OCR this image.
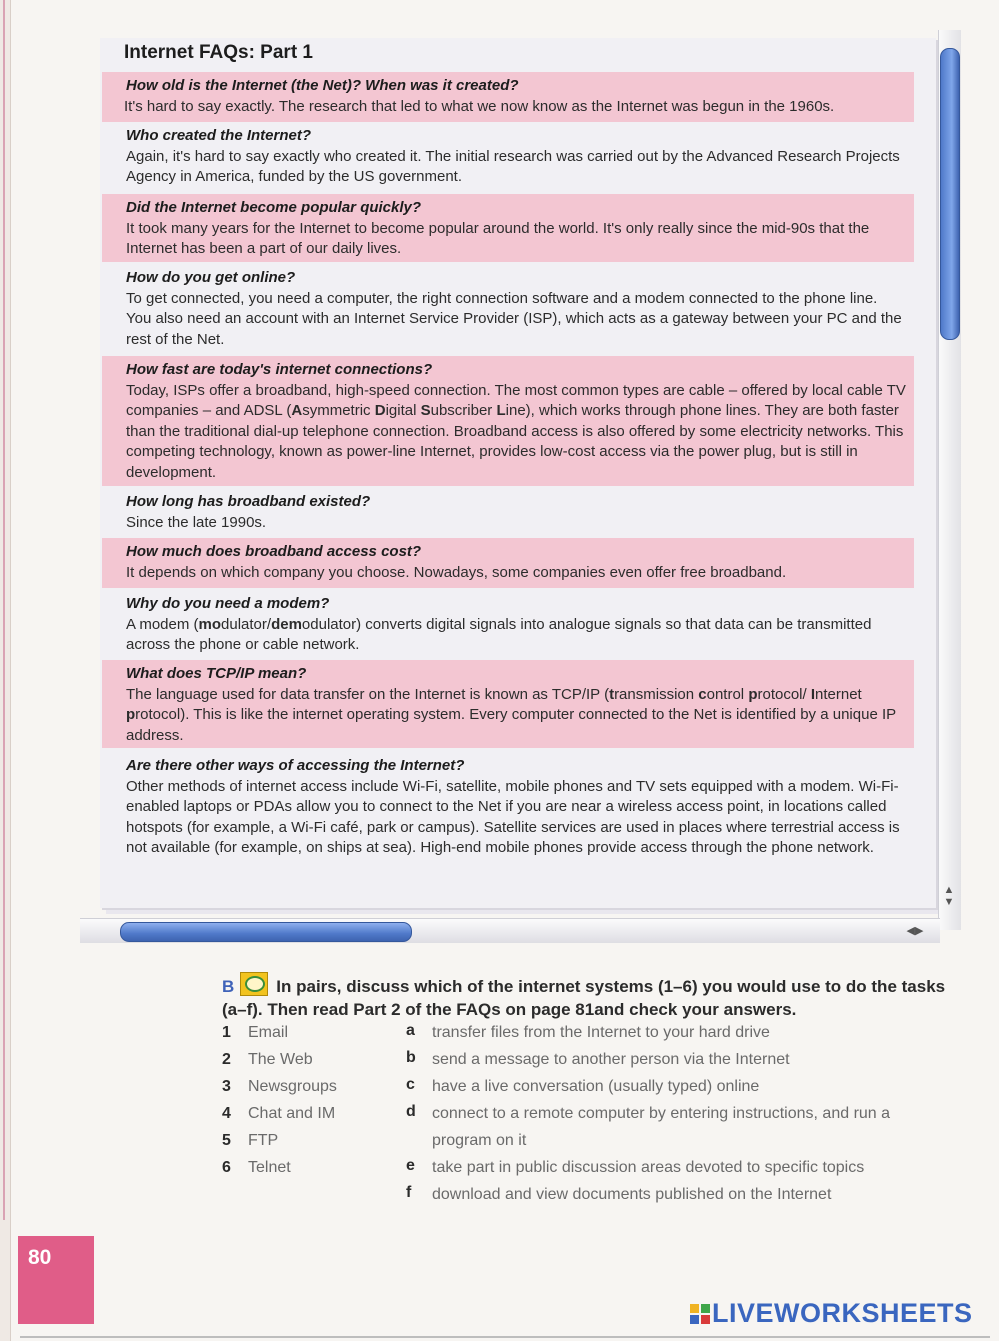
Internet FAQs: Part 1
How old is the Internet (the Net)? When was it created?
It's hard to say exactly. The research that led to what we now know as the Internet was begun in the 1960s.
Who created the Internet?
Again, it's hard to say exactly who created it. The initial research was carried out by the Advanced Research Projects Agency in America, funded by the US government.
Did the Internet become popular quickly?
It took many years for the Internet to become popular around the world. It's only really since the mid-90s that the Internet has been a part of our daily lives.
How do you get online?
To get connected, you need a computer, the right connection software and a modem connected to the phone line. You also need an account with an Internet Service Provider (ISP), which acts as a gateway between your PC and the rest of the Net.
How fast are today's internet connections?
Today, ISPs offer a broadband, high-speed connection. The most common types are cable – offered by local cable TV companies – and ADSL (Asymmetric Digital Subscriber Line), which works through phone lines. They are both faster than the traditional dial-up telephone connection. Broadband access is also offered by some electricity networks. This competing technology, known as power-line Internet, provides low-cost access via the power plug, but is still in development.
How long has broadband existed?
Since the late 1990s.
How much does broadband access cost?
It depends on which company you choose. Nowadays, some companies even offer free broadband.
Why do you need a modem?
A modem (modulator/demodulator) converts digital signals into analogue signals so that data can be transmitted across the phone or cable network.
What does TCP/IP mean?
The language used for data transfer on the Internet is known as TCP/IP (transmission control protocol/ Internet protocol). This is like the internet operating system. Every computer connected to the Net is identified by a unique IP address.
Are there other ways of accessing the Internet?
Other methods of internet access include Wi-Fi, satellite, mobile phones and TV sets equipped with a modem. Wi-Fi-enabled laptops or PDAs allow you to connect to the Net if you are near a wireless access point, in locations called hotspots (for example, a Wi-Fi café, park or campus). Satellite services are used in places where terrestrial access is not available (for example, on ships at sea). High-end mobile phones provide access through the phone network.
▲
▼
◀▶
B In pairs, discuss which of the internet systems (1–6) you would use to do the tasks (a–f). Then read Part 2 of the FAQs on page 81and check your answers.
1 Email
2 The Web
3 Newsgroups
4 Chat and IM
5 FTP
6 Telnet
a transfer files from the Internet to your hard drive
b send a message to another person via the Internet
c have a live conversation (usually typed) online
d connect to a remote computer by entering instructions, and run a
program on it
e take part in public discussion areas devoted to specific topics
f download and view documents published on the Internet
80
LIVEWORKSHEETS
